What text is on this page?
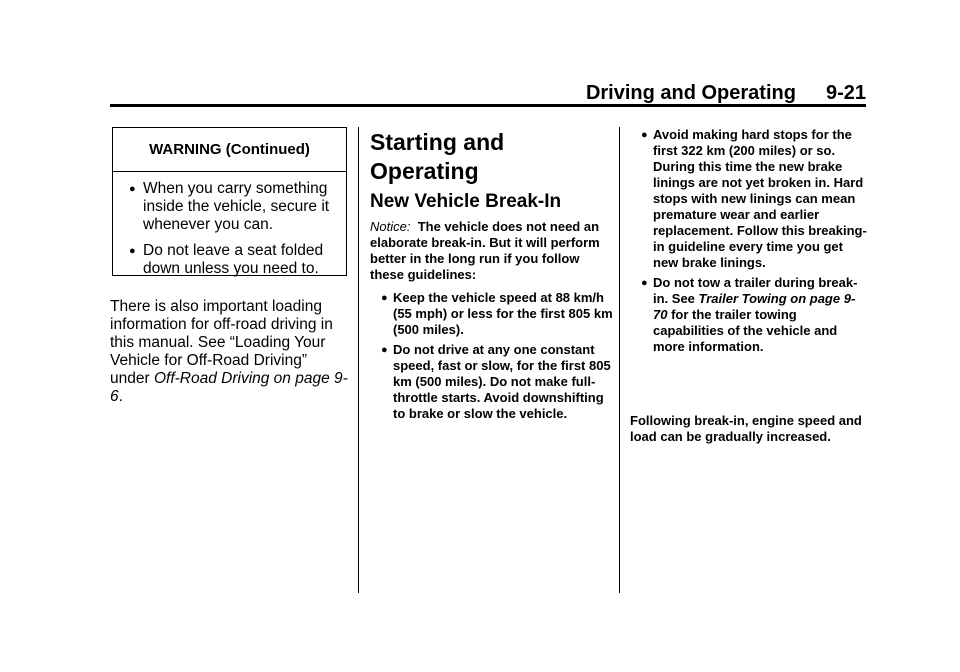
Driving and Operating 9-21
WARNING (Continued)
● When you carry something inside the vehicle, secure it whenever you can.
● Do not leave a seat folded down unless you need to.
There is also important loading information for off-road driving in this manual. See “Loading Your Vehicle for Off-Road Driving” under Off-Road Driving on page 9-6.
Starting and Operating
New Vehicle Break-In
Notice: The vehicle does not need an elaborate break-in. But it will perform better in the long run if you follow these guidelines:
● Keep the vehicle speed at 88 km/h (55 mph) or less for the first 805 km (500 miles).
● Do not drive at any one constant speed, fast or slow, for the first 805 km (500 miles). Do not make full-throttle starts. Avoid downshifting to brake or slow the vehicle.
● Avoid making hard stops for the first 322 km (200 miles) or so. During this time the new brake linings are not yet broken in. Hard stops with new linings can mean premature wear and earlier replacement. Follow this breaking-in guideline every time you get new brake linings.
● Do not tow a trailer during break-in. See Trailer Towing on page 9-70 for the trailer towing capabilities of the vehicle and more information.
Following break-in, engine speed and load can be gradually increased.
